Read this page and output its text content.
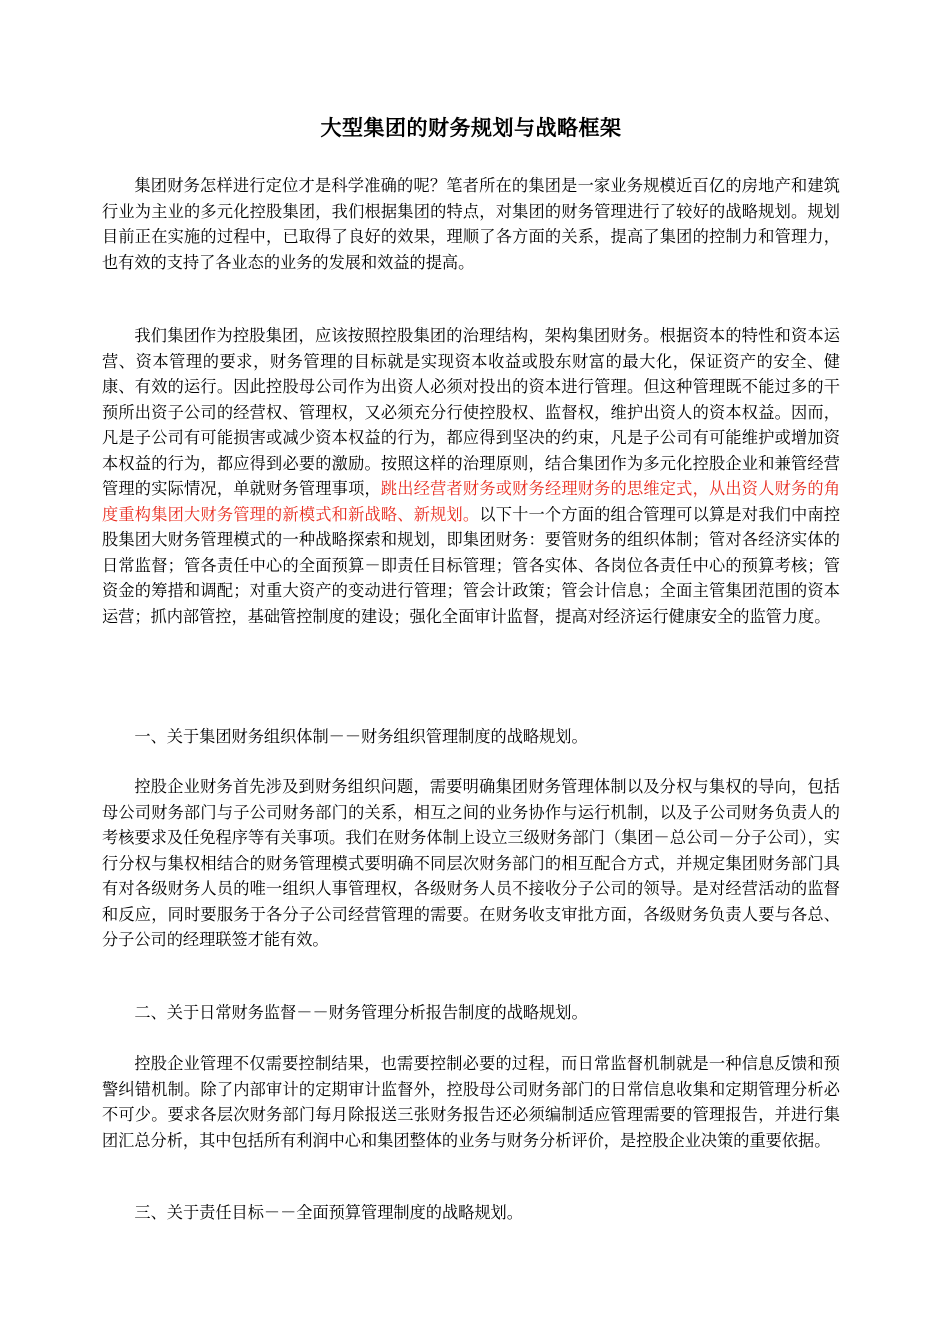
大型集团的财务规划与战略框架

集团财务怎样进行定位才是科学准确的呢？笔者所在的集团是一家业务规模近百亿的房地产和建筑行业为主业的多元化控股集团，我们根据集团的特点，对集团的财务管理进行了较好的战略规划。规划目前正在实施的过程中，已取得了良好的效果，理顺了各方面的关系，提高了集团的控制力和管理力，也有效的支持了各业态的业务的发展和效益的提高。

我们集团作为控股集团，应该按照控股集团的治理结构，架构集团财务。根据资本的特性和资本运营、资本管理的要求，财务管理的目标就是实现资本收益或股东财富的最大化，保证资产的安全、健康、有效的运行。因此控股母公司作为出资人必须对投出的资本进行管理。但这种管理既不能过多的干预所出资子公司的经营权、管理权，又必须充分行使控股权、监督权，维护出资人的资本权益。因而，凡是子公司有可能损害或减少资本权益的行为，都应得到坚决的约束，凡是子公司有可能维护或增加资本权益的行为，都应得到必要的激励。按照这样的治理原则，结合集团作为多元化控股企业和兼管经营管理的实际情况，单就财务管理事项，跳出经营者财务或财务经理财务的思维定式，从出资人财务的角度重构集团大财务管理的新模式和新战略、新规划。以下十一个方面的组合管理可以算是对我们中南控股集团大财务管理模式的一种战略探索和规划，即集团财务：要管财务的组织体制；管对各经济实体的日常监督；管各责任中心的全面预算－即责任目标管理；管各实体、各岗位各责任中心的预算考核；管资金的筹措和调配；对重大资产的变动进行管理；管会计政策；管会计信息；全面主管集团范围的资本运营；抓内部管控，基础管控制度的建设；强化全面审计监督，提高对经济运行健康安全的监管力度。

一、关于集团财务组织体制－－财务组织管理制度的战略规划。

控股企业财务首先涉及到财务组织问题，需要明确集团财务管理体制以及分权与集权的导向，包括母公司财务部门与子公司财务部门的关系，相互之间的业务协作与运行机制，以及子公司财务负责人的考核要求及任免程序等有关事项。我们在财务体制上设立三级财务部门（集团－总公司－分子公司），实行分权与集权相结合的财务管理模式要明确不同层次财务部门的相互配合方式，并规定集团财务部门具有对各级财务人员的唯一组织人事管理权，各级财务人员不接收分子公司的领导。是对经营活动的监督和反应，同时要服务于各分子公司经营管理的需要。在财务收支审批方面，各级财务负责人要与各总、分子公司的经理联签才能有效。

二、关于日常财务监督－－财务管理分析报告制度的战略规划。

控股企业管理不仅需要控制结果，也需要控制必要的过程，而日常监督机制就是一种信息反馈和预警纠错机制。除了内部审计的定期审计监督外，控股母公司财务部门的日常信息收集和定期管理分析必不可少。要求各层次财务部门每月除报送三张财务报告还必须编制适应管理需要的管理报告，并进行集团汇总分析，其中包括所有利润中心和集团整体的业务与财务分析评价，是控股企业决策的重要依据。

三、关于责任目标－－全面预算管理制度的战略规划。
